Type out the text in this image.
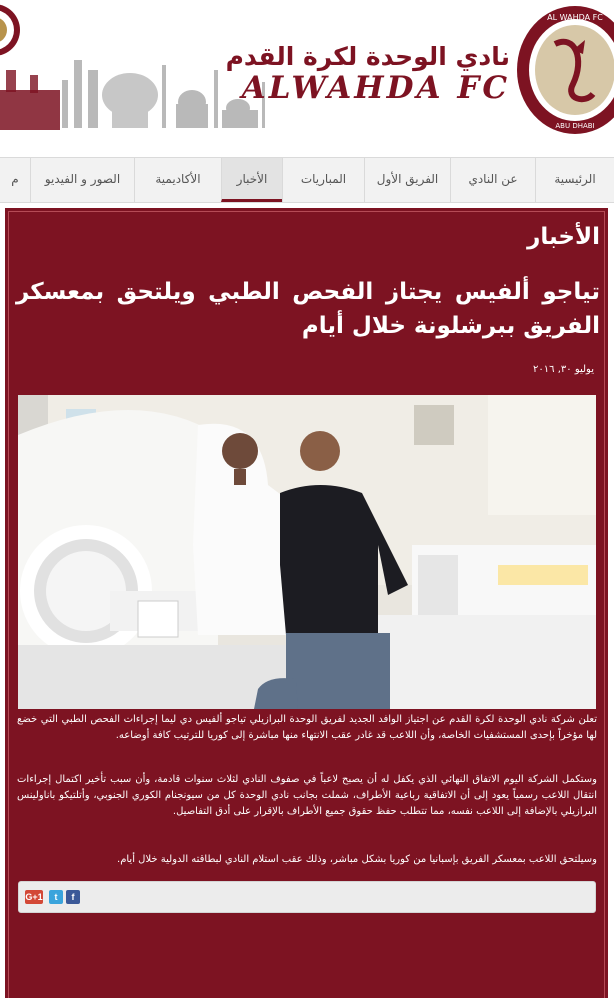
نادي الوحدة لكرة القدم
ALWAHDA FC
AL WAHDA FC
ABU DHABI
الرئيسية
عن النادي
الفريق الأول
المباريات
الأخبار
الأكاديمية
الصور و الفيديو
م
الأخبار
تياجو ألفيس يجتاز الفحص الطبي ويلتحق بمعسكر الفريق ببرشلونة خلال أيام
يوليو ٣٠, ٢٠١٦

تعلن شركة نادي الوحدة لكرة القدم عن اجتياز الوافد الجديد لفريق الوحدة البرازيلي تياجو ألفيس دي ليما إجراءات الفحص الطبي التي خضع لها مؤخراً بإحدى المستشفيات الخاصة، وأن اللاعب قد غادر عقب الانتهاء منها مباشرة إلى كوريا للترتيب كافة أوضاعه.

وستكمل الشركة اليوم الاتفاق النهائي الذي يكفل له أن يصبح لاعباً في صفوف النادي لثلاث سنوات قادمة، وأن سبب تأخير اكتمال إجراءات انتقال اللاعب رسمياً يعود إلى أن الاتفاقية رباعية الأطراف، شملت بجانب نادي الوحدة كل من سيونجنام الكوري الجنوبي، وأتلتيكو باناولينس البرازيلي بالإضافة إلى اللاعب نفسه، مما تتطلب حفظ حقوق جميع الأطراف بالإقرار على أدق التفاصيل.

وسيلتحق اللاعب بمعسكر الفريق بإسبانيا من كوريا بشكل مباشر، وذلك عقب استلام النادي لبطاقته الدولية خلال أيام.

G+1	t	f
